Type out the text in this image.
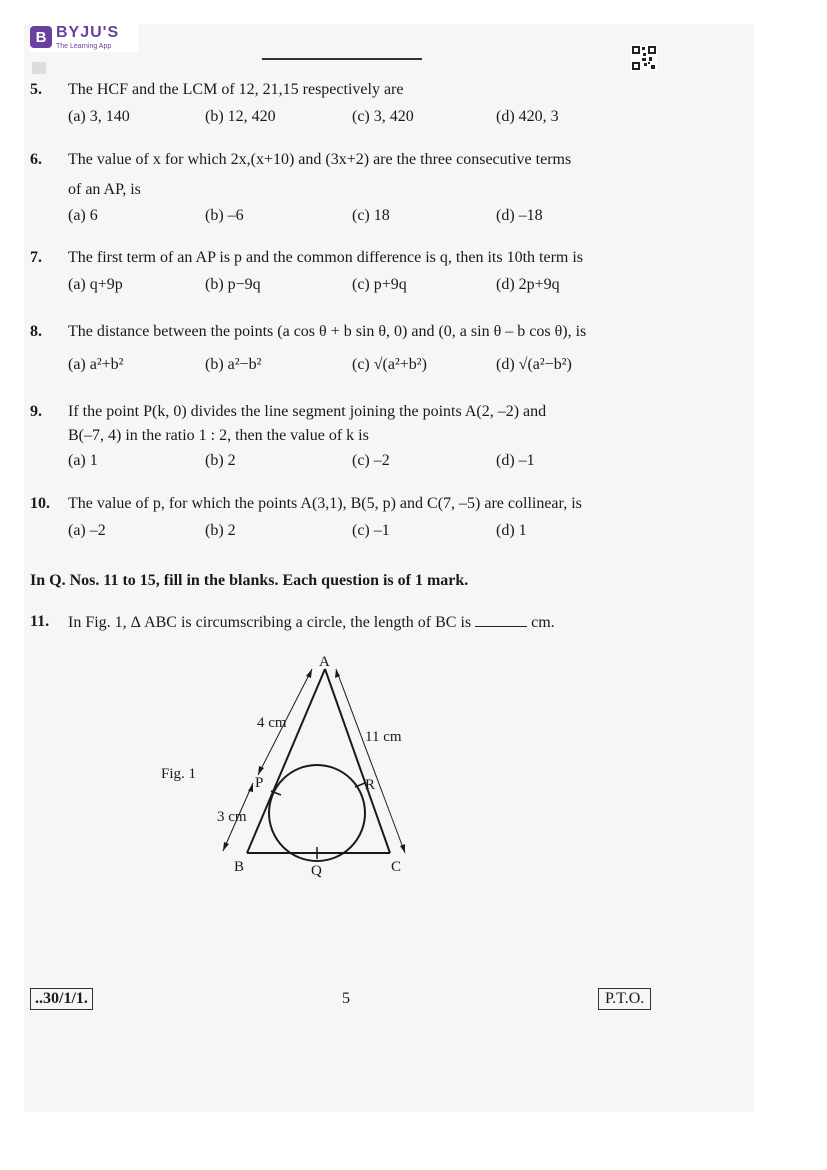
B BYJU'S
The Learning App
5. The HCF and the LCM of 12, 21,15 respectively are
(a) 3, 140	(b) 12, 420	(c) 3, 420	(d) 420, 3
6. The value of x for which 2x,(x+10) and (3x+2) are the three consecutive terms
of an AP, is
(a) 6	(b) –6	(c) 18	(d) –18
7. The first term of an AP is p and the common difference is q, then its 10th term is
(a) q+9p	(b) p−9q	(c) p+9q	(d) 2p+9q
8. The distance between the points (a cos θ + b sin θ, 0) and (0, a sin θ – b cos θ), is
(a) a²+b²	(b) a²−b²	(c) √(a²+b²)	(d) √(a²−b²)
9. If the point P(k, 0) divides the line segment joining the points A(2, –2) and
B(–7, 4) in the ratio 1 : 2, then the value of k is
(a) 1	(b) 2	(c) –2	(d) –1
10. The value of p, for which the points A(3,1), B(5, p) and C(7, –5) are collinear, is
(a) –2	(b) 2	(c) –1	(d) 1
In Q. Nos. 11 to 15, fill in the blanks. Each question is of 1 mark.
11. In Fig. 1, Δ ABC is circumscribing a circle, the length of BC is	cm.
A
B	C
P
Q
R
4 cm
11 cm
3 cm
Fig. 1
..30/1/1.	5	P.T.O.
